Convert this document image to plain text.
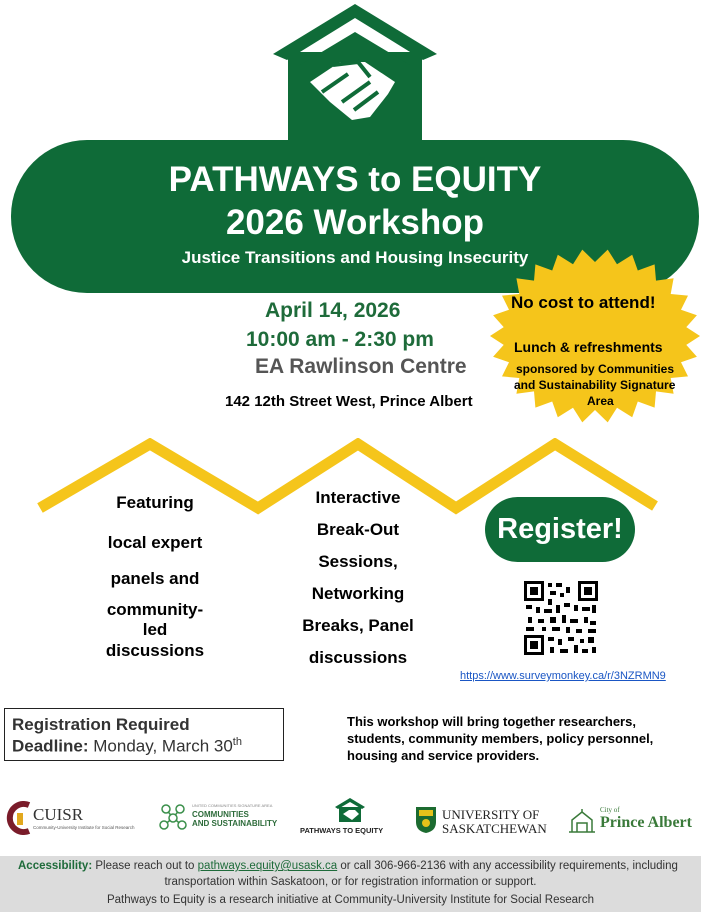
PATHWAYS to EQUITY
2026 Workshop
Justice Transitions and Housing Insecurity
April 14, 2026
10:00 am - 2:30 pm
EA Rawlinson Centre
142 12th Street West, Prince Albert
No cost to attend!
Lunch & refreshments
sponsored by Communities
and Sustainability Signature
Area
Featuring
local expert
panels and
community-
led
discussions
Interactive
Break-Out
Sessions,
Networking
Breaks, Panel
discussions
Register!
https://www.surveymonkey.ca/r/3NZRMN9
Registration Required
Deadline: Monday, March 30th
This workshop will bring together researchers, students, community members, policy personnel, housing and service providers.
CUISR
Community-University Institute for Social Research
UNITED COMMUNITIES SIGNATURE AREA
COMMUNITIES
AND SUSTAINABILITY
PATHWAYS TO EQUITY
UNIVERSITY OF
SASKATCHEWAN
City of
Prince Albert
Accessibility: Please reach out to pathways.equity@usask.ca or call 306-966-2136 with any accessibility requirements, including
transportation within Saskatoon, or for registration information or support.
Pathways to Equity is a research initiative at Community-University Institute for Social Research
